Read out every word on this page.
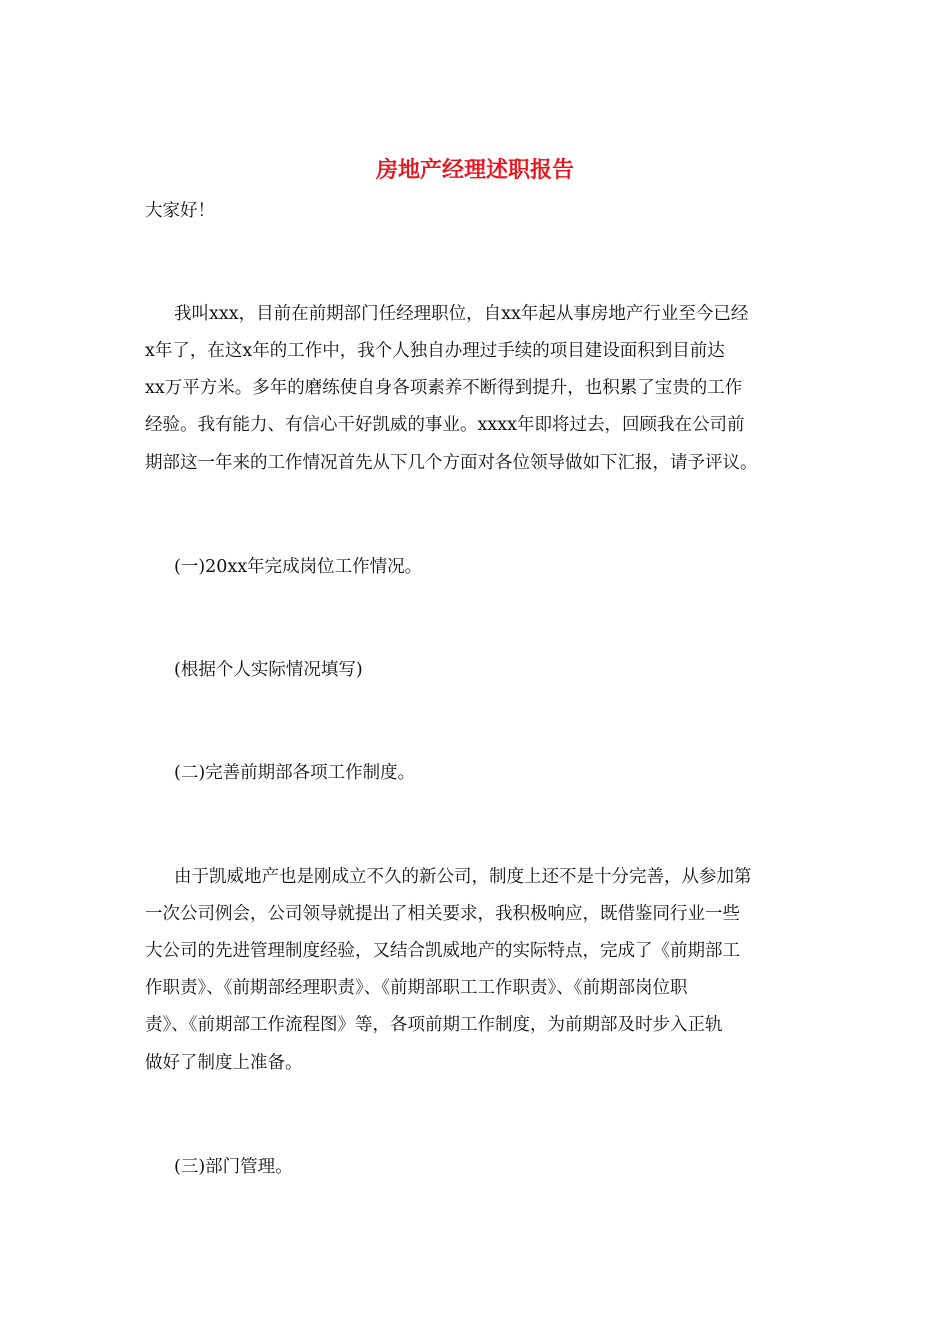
房地产经理述职报告
大家好！
我叫xxx，目前在前期部门任经理职位，自xx年起从事房地产行业至今已经
x年了，在这x年的工作中，我个人独自办理过手续的项目建设面积到目前达
xx万平方米。多年的磨练使自身各项素养不断得到提升，也积累了宝贵的工作
经验。我有能力、有信心干好凯威的事业。xxxx年即将过去，回顾我在公司前
期部这一年来的工作情况首先从下几个方面对各位领导做如下汇报，请予评议。
(一)20xx年完成岗位工作情况。
(根据个人实际情况填写)
(二)完善前期部各项工作制度。
由于凯威地产也是刚成立不久的新公司，制度上还不是十分完善，从参加第
一次公司例会，公司领导就提出了相关要求，我积极响应，既借鉴同行业一些
大公司的先进管理制度经验，又结合凯威地产的实际特点，完成了《前期部工
作职责》、《前期部经理职责》、《前期部职工工作职责》、《前期部岗位职
责》、《前期部工作流程图》等，各项前期工作制度，为前期部及时步入正轨
做好了制度上准备。
(三)部门管理。
